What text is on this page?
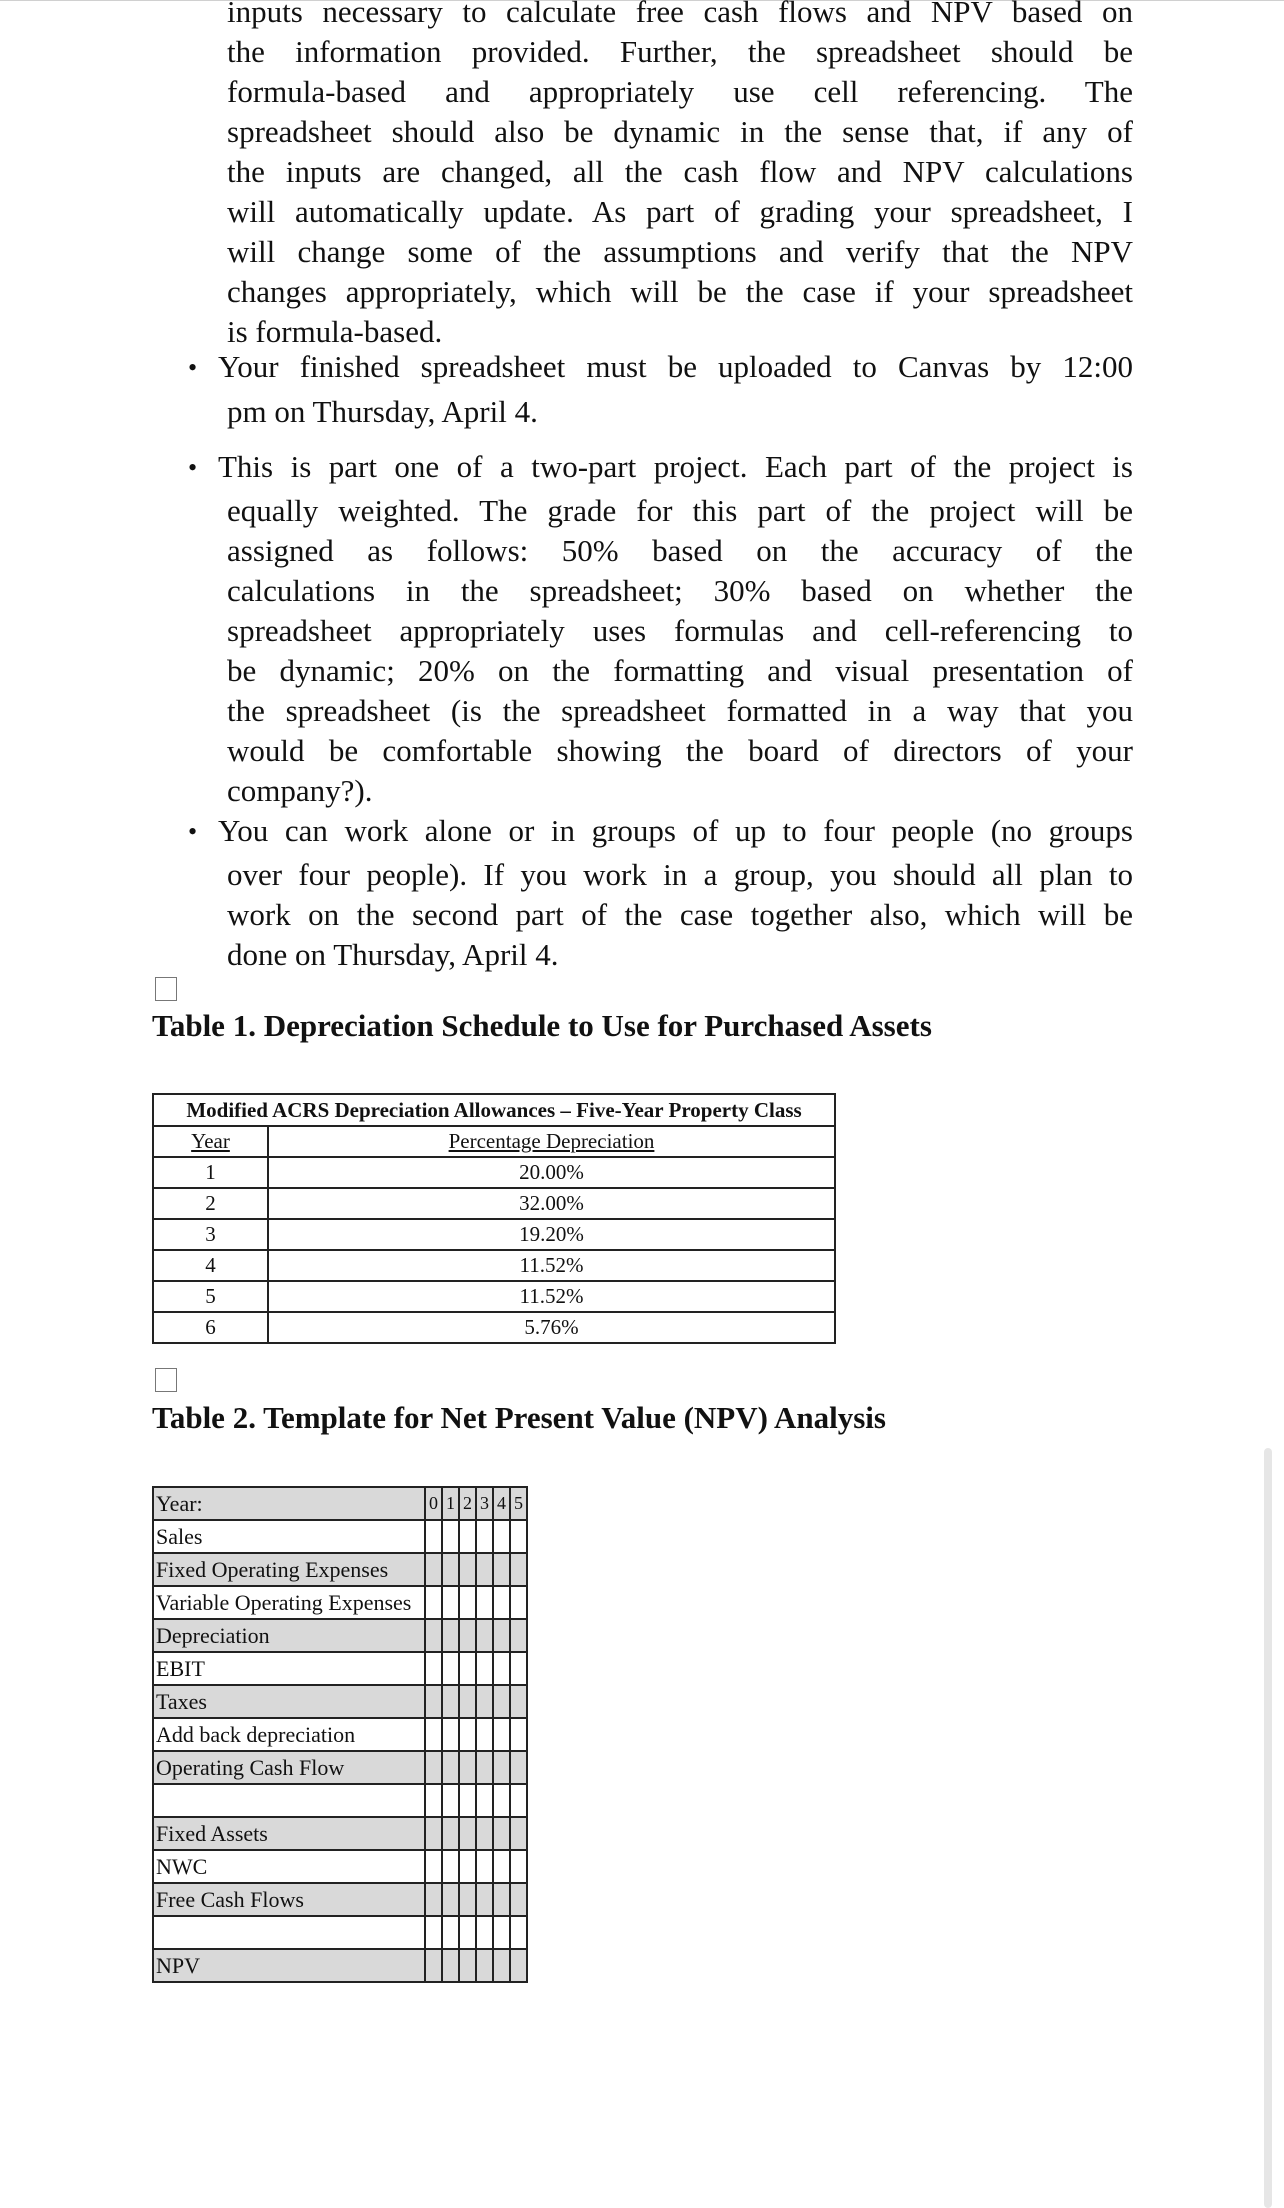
inputs necessary to calculate free cash flows and NPV based on
the information provided. Further, the spreadsheet should be
formula-based and appropriately use cell referencing. The
spreadsheet should also be dynamic in the sense that, if any of
the inputs are changed, all the cash flow and NPV calculations
will automatically update. As part of grading your spreadsheet, I
will change some of the assumptions and verify that the NPV
changes appropriately, which will be the case if your spreadsheet
is formula-based.
• Your finished spreadsheet must be uploaded to Canvas by 12:00
pm on Thursday, April 4.
• This is part one of a two-part project. Each part of the project is
equally weighted. The grade for this part of the project will be
assigned as follows: 50% based on the accuracy of the
calculations in the spreadsheet; 30% based on whether the
spreadsheet appropriately uses formulas and cell-referencing to
be dynamic; 20% on the formatting and visual presentation of
the spreadsheet (is the spreadsheet formatted in a way that you
would be comfortable showing the board of directors of your
company?).
• You can work alone or in groups of up to four people (no groups
over four people). If you work in a group, you should all plan to
work on the second part of the case together also, which will be
done on Thursday, April 4.
Table 1. Depreciation Schedule to Use for Purchased Assets
Modified ACRS Depreciation Allowances – Five-Year Property Class	
Year	Percentage Depreciation
1	20.00%
2	32.00%
3	19.20%
4	11.52%
5	11.52%
6	5.76%
Table 2. Template for Net Present Value (NPV) Analysis
Year:	0	1	2	3	4	5
Sales						
Fixed Operating Expenses						
Variable Operating Expenses						
Depreciation						
EBIT						
Taxes						
Add back depreciation						
Operating Cash Flow						

Fixed Assets						
NWC						
Free Cash Flows						

NPV						
